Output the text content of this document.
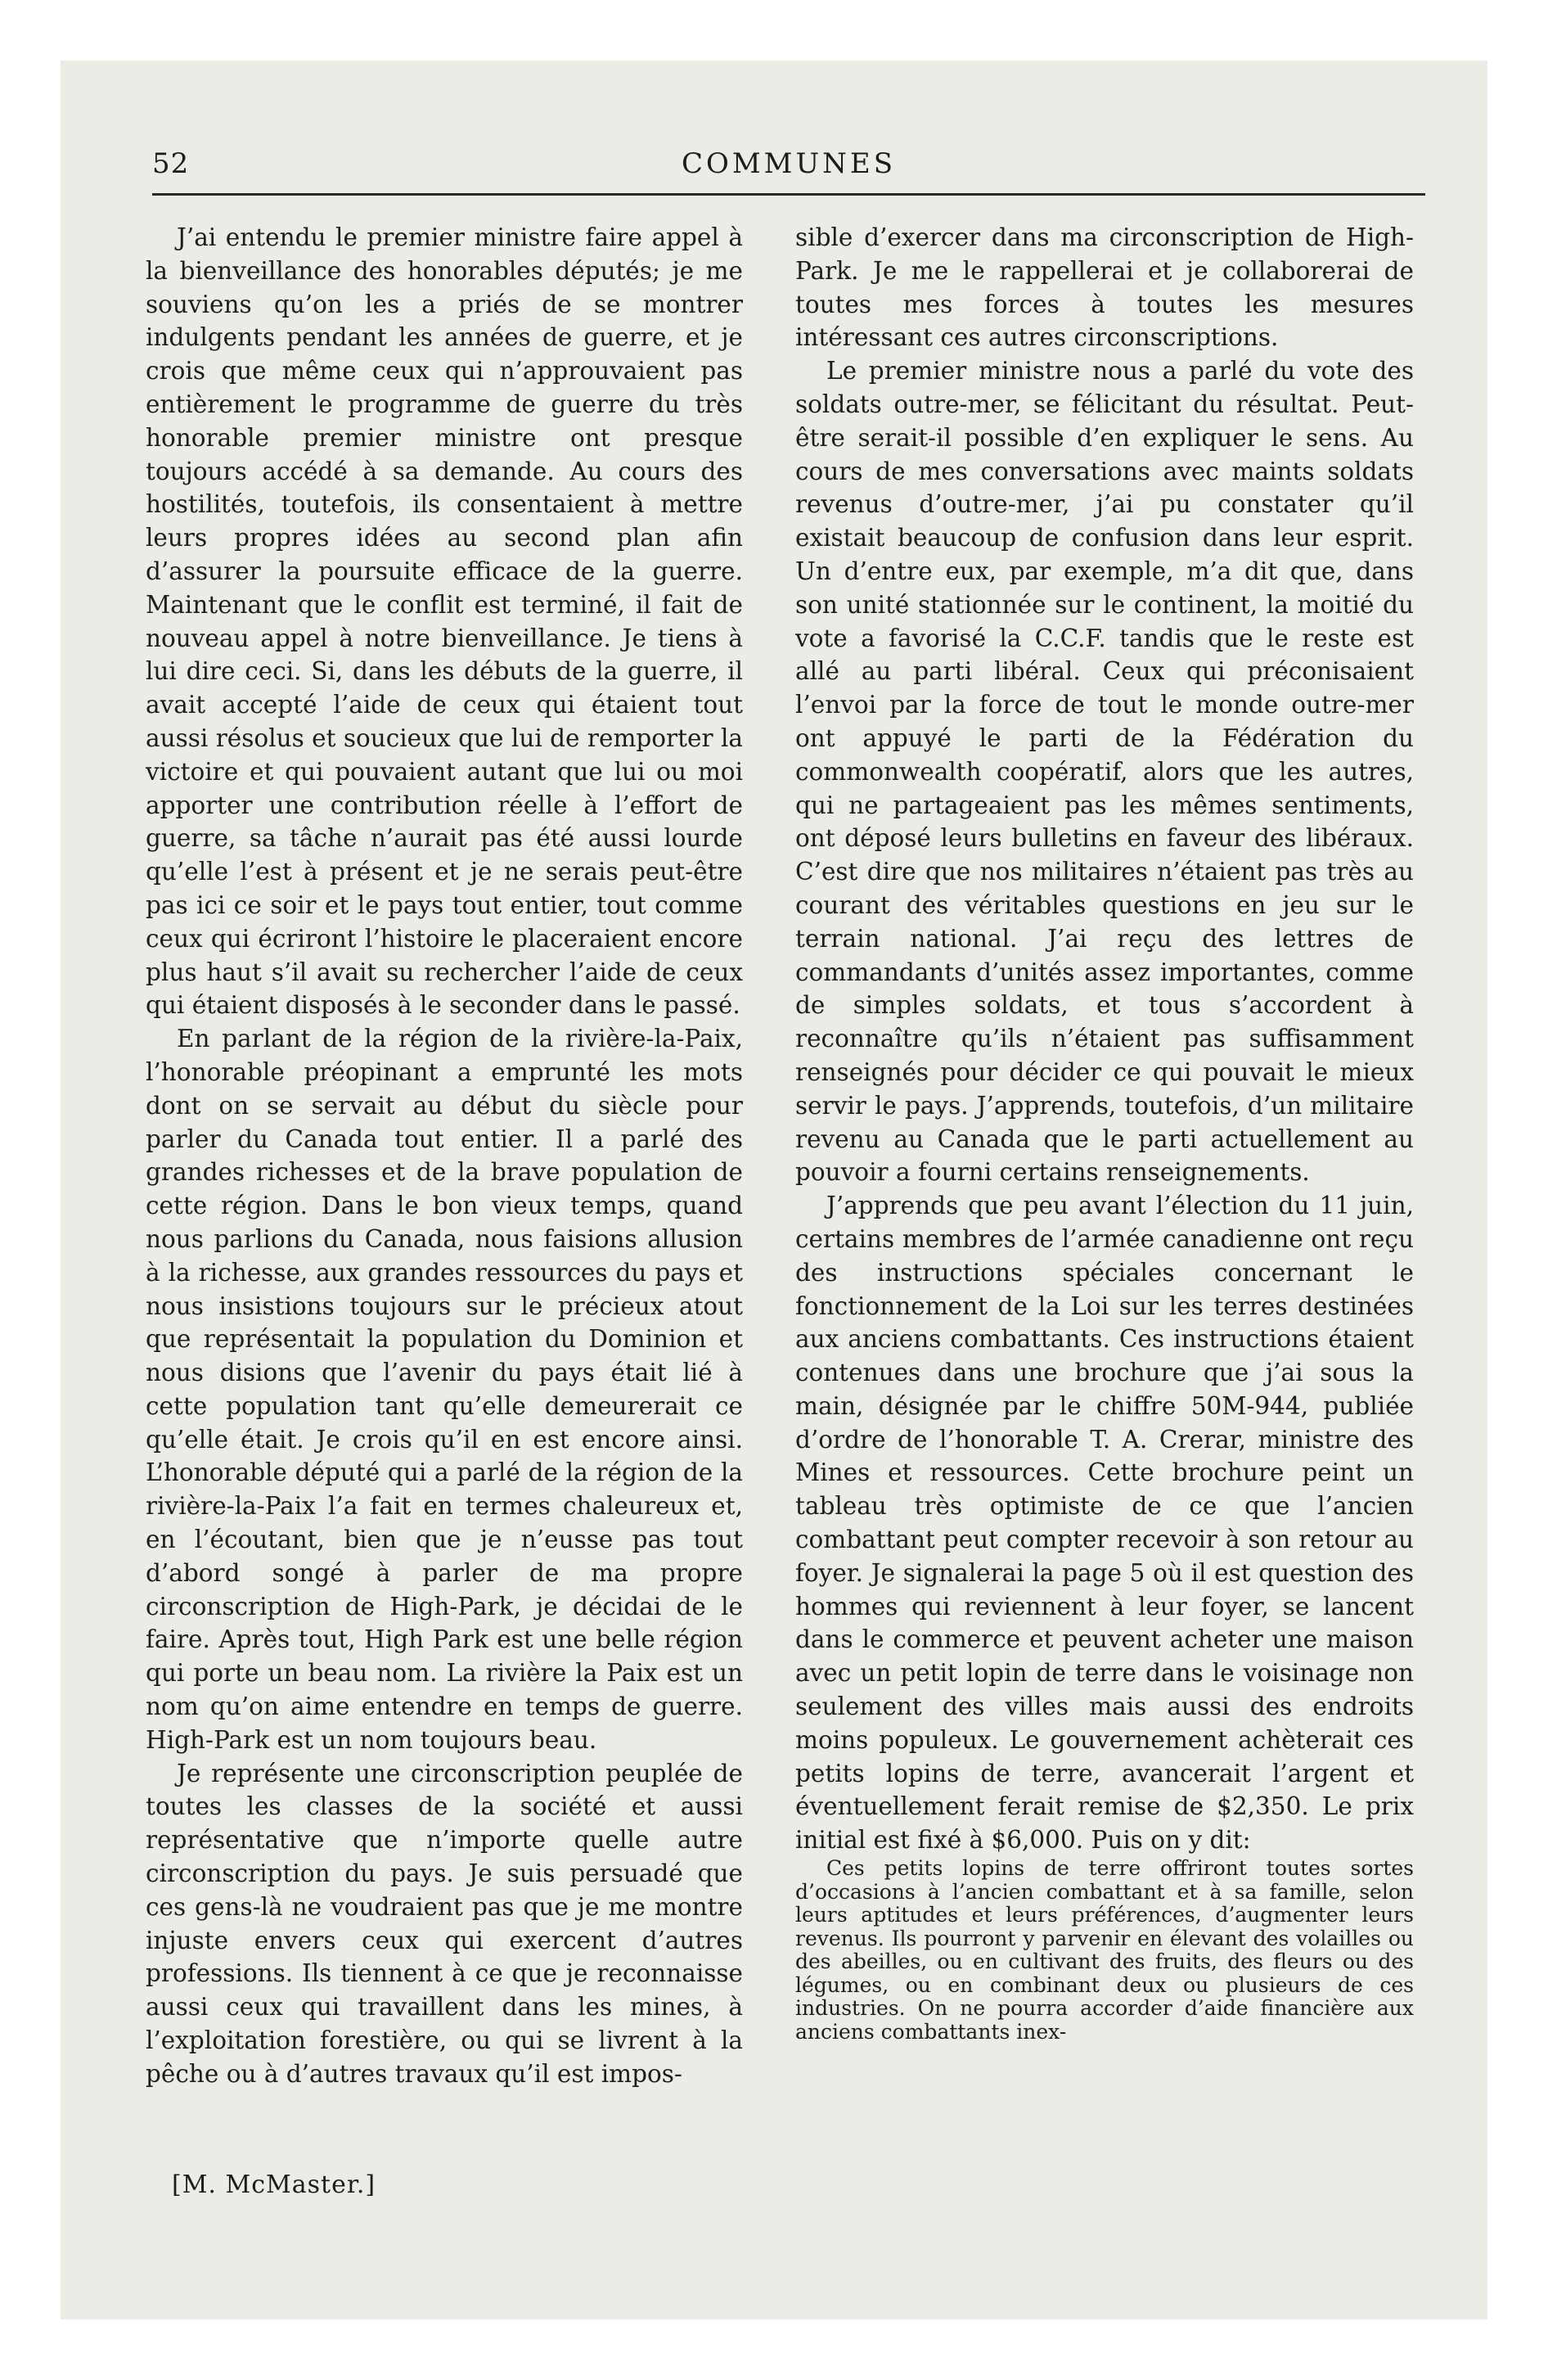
52	COMMUNES

J’ai entendu le premier ministre faire appel à la bienveillance des honorables députés; je me souviens qu’on les a priés de se montrer indulgents pendant les années de guerre, et je crois que même ceux qui n’approuvaient pas entièrement le programme de guerre du très honorable premier ministre ont presque toujours accédé à sa demande. Au cours des hostilités, toutefois, ils consentaient à mettre leurs propres idées au second plan afin d’assurer la poursuite efficace de la guerre. Maintenant que le conflit est terminé, il fait de nouveau appel à notre bienveillance. Je tiens à lui dire ceci. Si, dans les débuts de la guerre, il avait accepté l’aide de ceux qui étaient tout aussi résolus et soucieux que lui de remporter la victoire et qui pouvaient autant que lui ou moi apporter une contribution réelle à l’effort de guerre, sa tâche n’aurait pas été aussi lourde qu’elle l’est à présent et je ne serais peut-être pas ici ce soir et le pays tout entier, tout comme ceux qui écriront l’histoire le placeraient encore plus haut s’il avait su rechercher l’aide de ceux qui étaient disposés à le seconder dans le passé.

En parlant de la région de la rivière-la-Paix, l’honorable préopinant a emprunté les mots dont on se servait au début du siècle pour parler du Canada tout entier. Il a parlé des grandes richesses et de la brave population de cette région. Dans le bon vieux temps, quand nous parlions du Canada, nous faisions allusion à la richesse, aux grandes ressources du pays et nous insistions toujours sur le précieux atout que représentait la population du Dominion et nous disions que l’avenir du pays était lié à cette population tant qu’elle demeurerait ce qu’elle était. Je crois qu’il en est encore ainsi. L’honorable député qui a parlé de la région de la rivière-la-Paix l’a fait en termes chaleureux et, en l’écoutant, bien que je n’eusse pas tout d’abord songé à parler de ma propre circonscription de High-Park, je décidai de le faire. Après tout, High Park est une belle région qui porte un beau nom. La rivière la Paix est un nom qu’on aime entendre en temps de guerre. High-Park est un nom toujours beau.

Je représente une circonscription peuplée de toutes les classes de la société et aussi représentative que n’importe quelle autre circonscription du pays. Je suis persuadé que ces gens-là ne voudraient pas que je me montre injuste envers ceux qui exercent d’autres professions. Ils tiennent à ce que je reconnaisse aussi ceux qui travaillent dans les mines, à l’exploitation forestière, ou qui se livrent à la pêche ou à d’autres travaux qu’il est impos-

sible d’exercer dans ma circonscription de High-Park. Je me le rappellerai et je collaborerai de toutes mes forces à toutes les mesures intéressant ces autres circonscriptions.

Le premier ministre nous a parlé du vote des soldats outre-mer, se félicitant du résultat. Peut-être serait-il possible d’en expliquer le sens. Au cours de mes conversations avec maints soldats revenus d’outre-mer, j’ai pu constater qu’il existait beaucoup de confusion dans leur esprit. Un d’entre eux, par exemple, m’a dit que, dans son unité stationnée sur le continent, la moitié du vote a favorisé la C.C.F. tandis que le reste est allé au parti libéral. Ceux qui préconisaient l’envoi par la force de tout le monde outre-mer ont appuyé le parti de la Fédération du commonwealth coopératif, alors que les autres, qui ne partageaient pas les mêmes sentiments, ont déposé leurs bulletins en faveur des libéraux. C’est dire que nos militaires n’étaient pas très au courant des véritables questions en jeu sur le terrain national. J’ai reçu des lettres de commandants d’unités assez importantes, comme de simples soldats, et tous s’accordent à reconnaître qu’ils n’étaient pas suffisamment renseignés pour décider ce qui pouvait le mieux servir le pays. J’apprends, toutefois, d’un militaire revenu au Canada que le parti actuellement au pouvoir a fourni certains renseignements.

J’apprends que peu avant l’élection du 11 juin, certains membres de l’armée canadienne ont reçu des instructions spéciales concernant le fonctionnement de la Loi sur les terres destinées aux anciens combattants. Ces instructions étaient contenues dans une brochure que j’ai sous la main, désignée par le chiffre 50M-944, publiée d’ordre de l’honorable T. A. Crerar, ministre des Mines et ressources. Cette brochure peint un tableau très optimiste de ce que l’ancien combattant peut compter recevoir à son retour au foyer. Je signalerai la page 5 où il est question des hommes qui reviennent à leur foyer, se lancent dans le commerce et peuvent acheter une maison avec un petit lopin de terre dans le voisinage non seulement des villes mais aussi des endroits moins populeux. Le gouvernement achèterait ces petits lopins de terre, avancerait l’argent et éventuellement ferait remise de $2,350. Le prix initial est fixé à $6,000. Puis on y dit:

Ces petits lopins de terre offriront toutes sortes d’occasions à l’ancien combattant et à sa famille, selon leurs aptitudes et leurs préférences, d’augmenter leurs revenus. Ils pourront y parvenir en élevant des volailles ou des abeilles, ou en cultivant des fruits, des fleurs ou des légumes, ou en combinant deux ou plusieurs de ces industries. On ne pourra accorder d’aide financière aux anciens combattants inex-

[M. McMaster.]
